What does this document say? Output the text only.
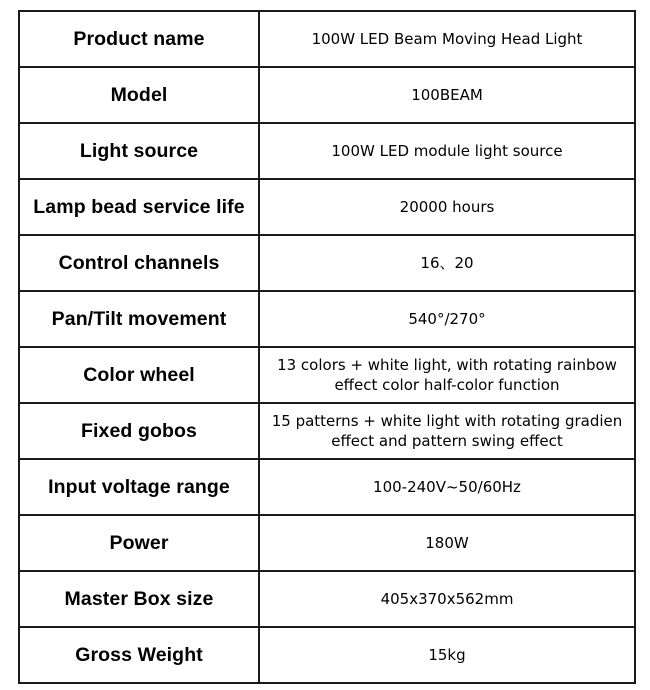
Product name	100W LED Beam Moving Head Light
Model	100BEAM
Light source	100W LED module light source
Lamp bead service life	20000 hours
Control channels	16、20
Pan/Tilt movement	540°/270°
Color wheel	13 colors + white light, with rotating rainbow effect color half-color function
Fixed gobos	15 patterns + white light with rotating gradien effect and pattern swing effect
Input voltage range	100-240V~50/60Hz
Power	180W
Master Box size	405x370x562mm
Gross Weight	15kg
